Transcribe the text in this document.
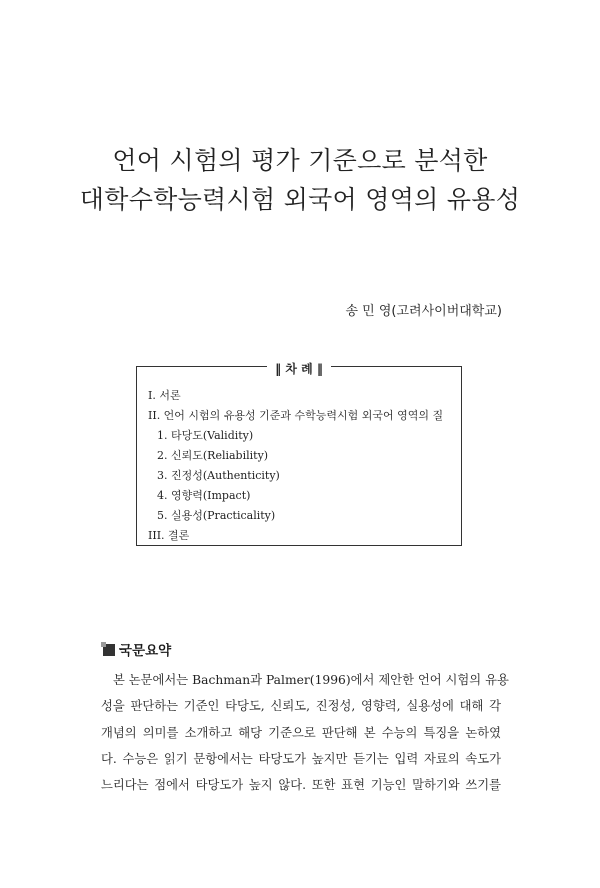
언어 시험의 평가 기준으로 분석한
대학수학능력시험 외국어 영역의 유용성
송 민 영(고려사이버대학교)
‖ 차 례 ‖
I. 서론
II. 언어 시험의 유용성 기준과 수학능력시험 외국어 영역의 질
1. 타당도(Validity)
2. 신뢰도(Reliability)
3. 진정성(Authenticity)
4. 영향력(Impact)
5. 실용성(Practicality)
III. 결론
국문요약
본 논문에서는 Bachman과 Palmer(1996)에서 제안한 언어 시험의 유용
성을 판단하는 기준인 타당도, 신뢰도, 진정성, 영향력, 실용성에 대해 각
개념의 의미를 소개하고 해당 기준으로 판단해 본 수능의 특징을 논하였
다. 수능은 읽기 문항에서는 타당도가 높지만 듣기는 입력 자료의 속도가
느리다는 점에서 타당도가 높지 않다. 또한 표현 기능인 말하기와 쓰기를
